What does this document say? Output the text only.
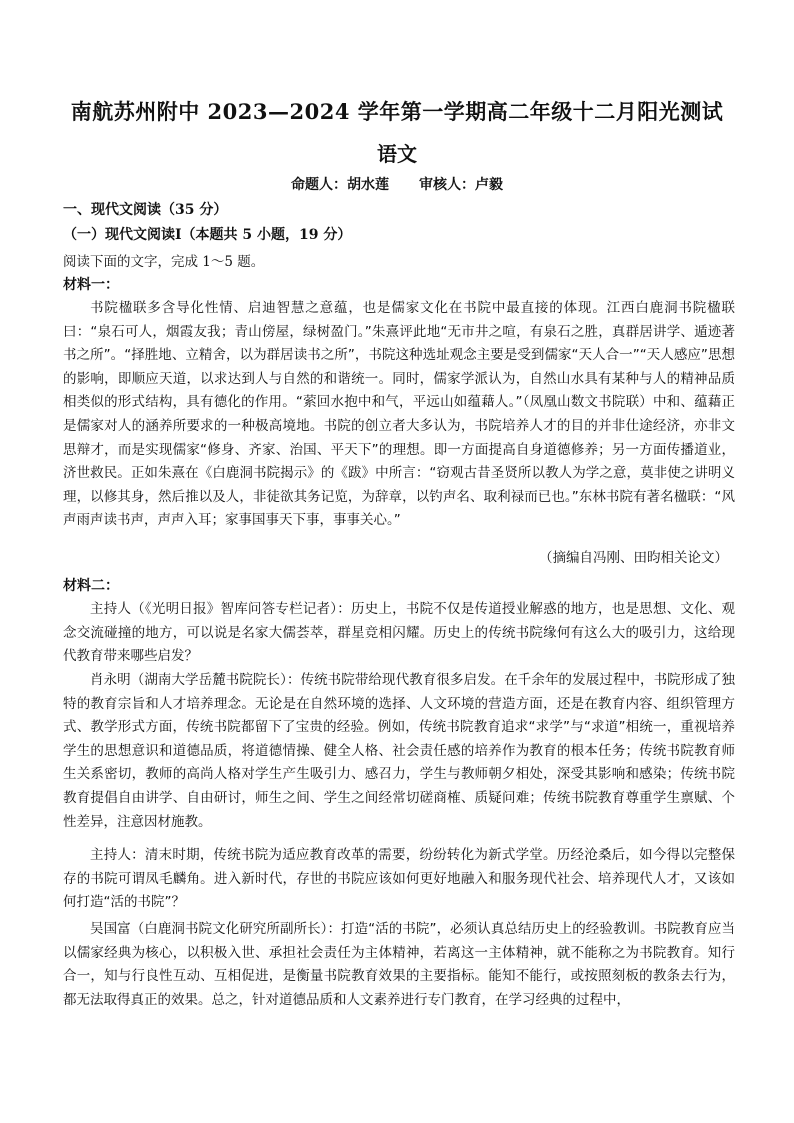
南航苏州附中 2023—2024 学年第一学期高二年级十二月阳光测试
语文
命题人：胡水莲 审核人：卢毅
一、现代文阅读（35 分）
（一）现代文阅读Ⅰ（本题共 5 小题，19 分）
阅读下面的文字，完成 1～5 题。
材料一：

书院楹联多含导化性情、启迪智慧之意蕴，也是儒家文化在书院中最直接的体现。江西白鹿洞书院楹联曰：“泉石可人，烟霞友我；青山傍屋，绿树盈门。”朱熹评此地“无市井之喧，有泉石之胜，真群居讲学、遁迹著书之所”。“择胜地、立精舍，以为群居读书之所”，书院这种选址观念主要是受到儒家“天人合一”“天人感应”思想的影响，即顺应天道，以求达到人与自然的和谐统一。同时，儒家学派认为，自然山水具有某种与人的精神品质相类似的形式结构，具有德化的作用。“萦回水抱中和气，平远山如蕴藉人。”（凤凰山数文书院联）中和、蕴藉正是儒家对人的涵养所要求的一种极高境地。书院的创立者大多认为，书院培养人才的目的并非仕途经济，亦非文思辩才，而是实现儒家“修身、齐家、治国、平天下”的理想。即一方面提高自身道德修养；另一方面传播道业，济世救民。正如朱熹在《白鹿洞书院揭示》的《跋》中所言：“窃观古昔圣贤所以教人为学之意，莫非使之讲明义理，以修其身，然后推以及人，非徒欲其务记览，为辞章，以钓声名、取利禄而已也。”东林书院有著名楹联：“风声雨声读书声，声声入耳；家事国事天下事，事事关心。”

（摘编自冯刚、田昀相关论文）
材料二：

主持人（《光明日报》智库问答专栏记者）：历史上，书院不仅是传道授业解惑的地方，也是思想、文化、观念交流碰撞的地方，可以说是名家大儒荟萃，群星竞相闪耀。历史上的传统书院缘何有这么大的吸引力，这给现代教育带来哪些启发？

肖永明（湖南大学岳麓书院院长）：传统书院带给现代教育很多启发。在千余年的发展过程中，书院形成了独特的教育宗旨和人才培养理念。无论是在自然环境的选择、人文环境的营造方面，还是在教育内容、组织管理方式、教学形式方面，传统书院都留下了宝贵的经验。例如，传统书院教育追求“求学”与“求道”相统一，重视培养学生的思想意识和道德品质，将道德情操、健全人格、社会责任感的培养作为教育的根本任务；传统书院教育师生关系密切，教师的高尚人格对学生产生吸引力、感召力，学生与教师朝夕相处，深受其影响和感染；传统书院教育提倡自由讲学、自由研讨，师生之间、学生之间经常切磋商榷、质疑问难；传统书院教育尊重学生禀赋、个性差异，注意因材施教。

主持人：清末时期，传统书院为适应教育改革的需要，纷纷转化为新式学堂。历经沧桑后，如今得以完整保存的书院可谓凤毛麟角。进入新时代，存世的书院应该如何更好地融入和服务现代社会、培养现代人才，又该如何打造“活的书院”？

吴国富（白鹿洞书院文化研究所副所长）：打造“活的书院”，必须认真总结历史上的经验教训。书院教育应当以儒家经典为核心，以积极入世、承担社会责任为主体精神，若离这一主体精神，就不能称之为书院教育。知行合一，知与行良性互动、互相促进，是衡量书院教育效果的主要指标。能知不能行，或按照刻板的教条去行为，都无法取得真正的效果。总之，针对道德品质和人文素养进行专门教育，在学习经典的过程中，
